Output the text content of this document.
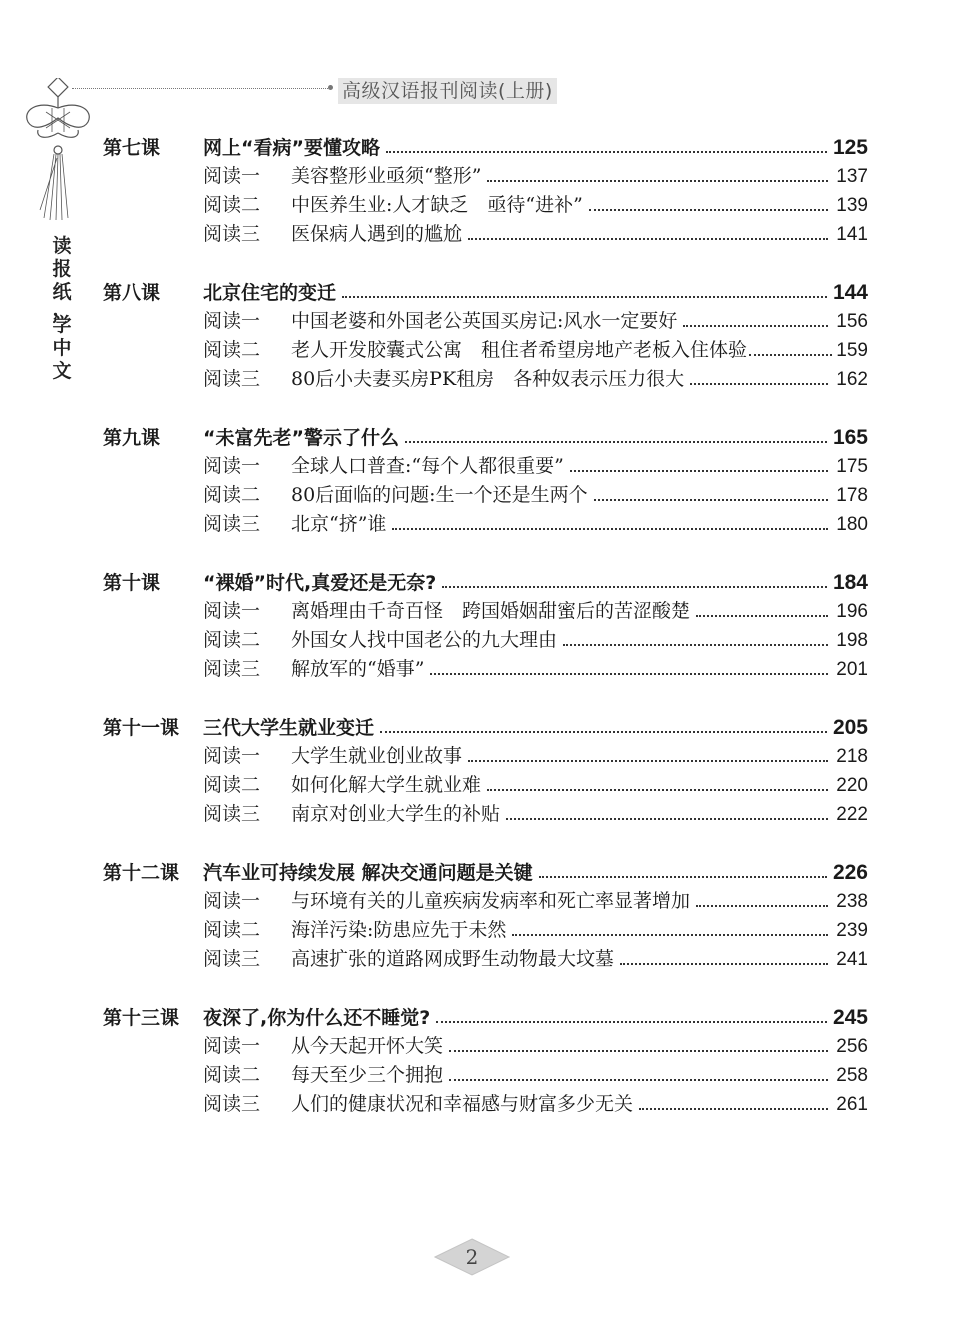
高级汉语报刊阅读(上册)
读
报
纸
，
学
中
文
第七课	网上“看病”要懂攻略	125
阅读一	美容整形业亟须“整形”	137
阅读二	中医养生业:人才缺乏　亟待“进补”	139
阅读三	医保病人遇到的尴尬	141
第八课	北京住宅的变迁	144
阅读一	中国老婆和外国老公英国买房记:风水一定要好	156
阅读二	老人开发胶囊式公寓　租住者希望房地产老板入住体验	159
阅读三	80后小夫妻买房PK租房　各种奴表示压力很大	162
第九课	“未富先老”警示了什么	165
阅读一	全球人口普查:“每个人都很重要”	175
阅读二	80后面临的问题:生一个还是生两个	178
阅读三	北京“挤”谁	180
第十课	“裸婚”时代,真爱还是无奈?	184
阅读一	离婚理由千奇百怪　跨国婚姻甜蜜后的苦涩酸楚	196
阅读二	外国女人找中国老公的九大理由	198
阅读三	解放军的“婚事”	201
第十一课	三代大学生就业变迁	205
阅读一	大学生就业创业故事	218
阅读二	如何化解大学生就业难	220
阅读三	南京对创业大学生的补贴	222
第十二课	汽车业可持续发展 解决交通问题是关键	226
阅读一	与环境有关的儿童疾病发病率和死亡率显著增加	238
阅读二	海洋污染:防患应先于未然	239
阅读三	高速扩张的道路网成野生动物最大坟墓	241
第十三课	夜深了,你为什么还不睡觉?	245
阅读一	从今天起开怀大笑	256
阅读二	每天至少三个拥抱	258
阅读三	人们的健康状况和幸福感与财富多少无关	261
2
